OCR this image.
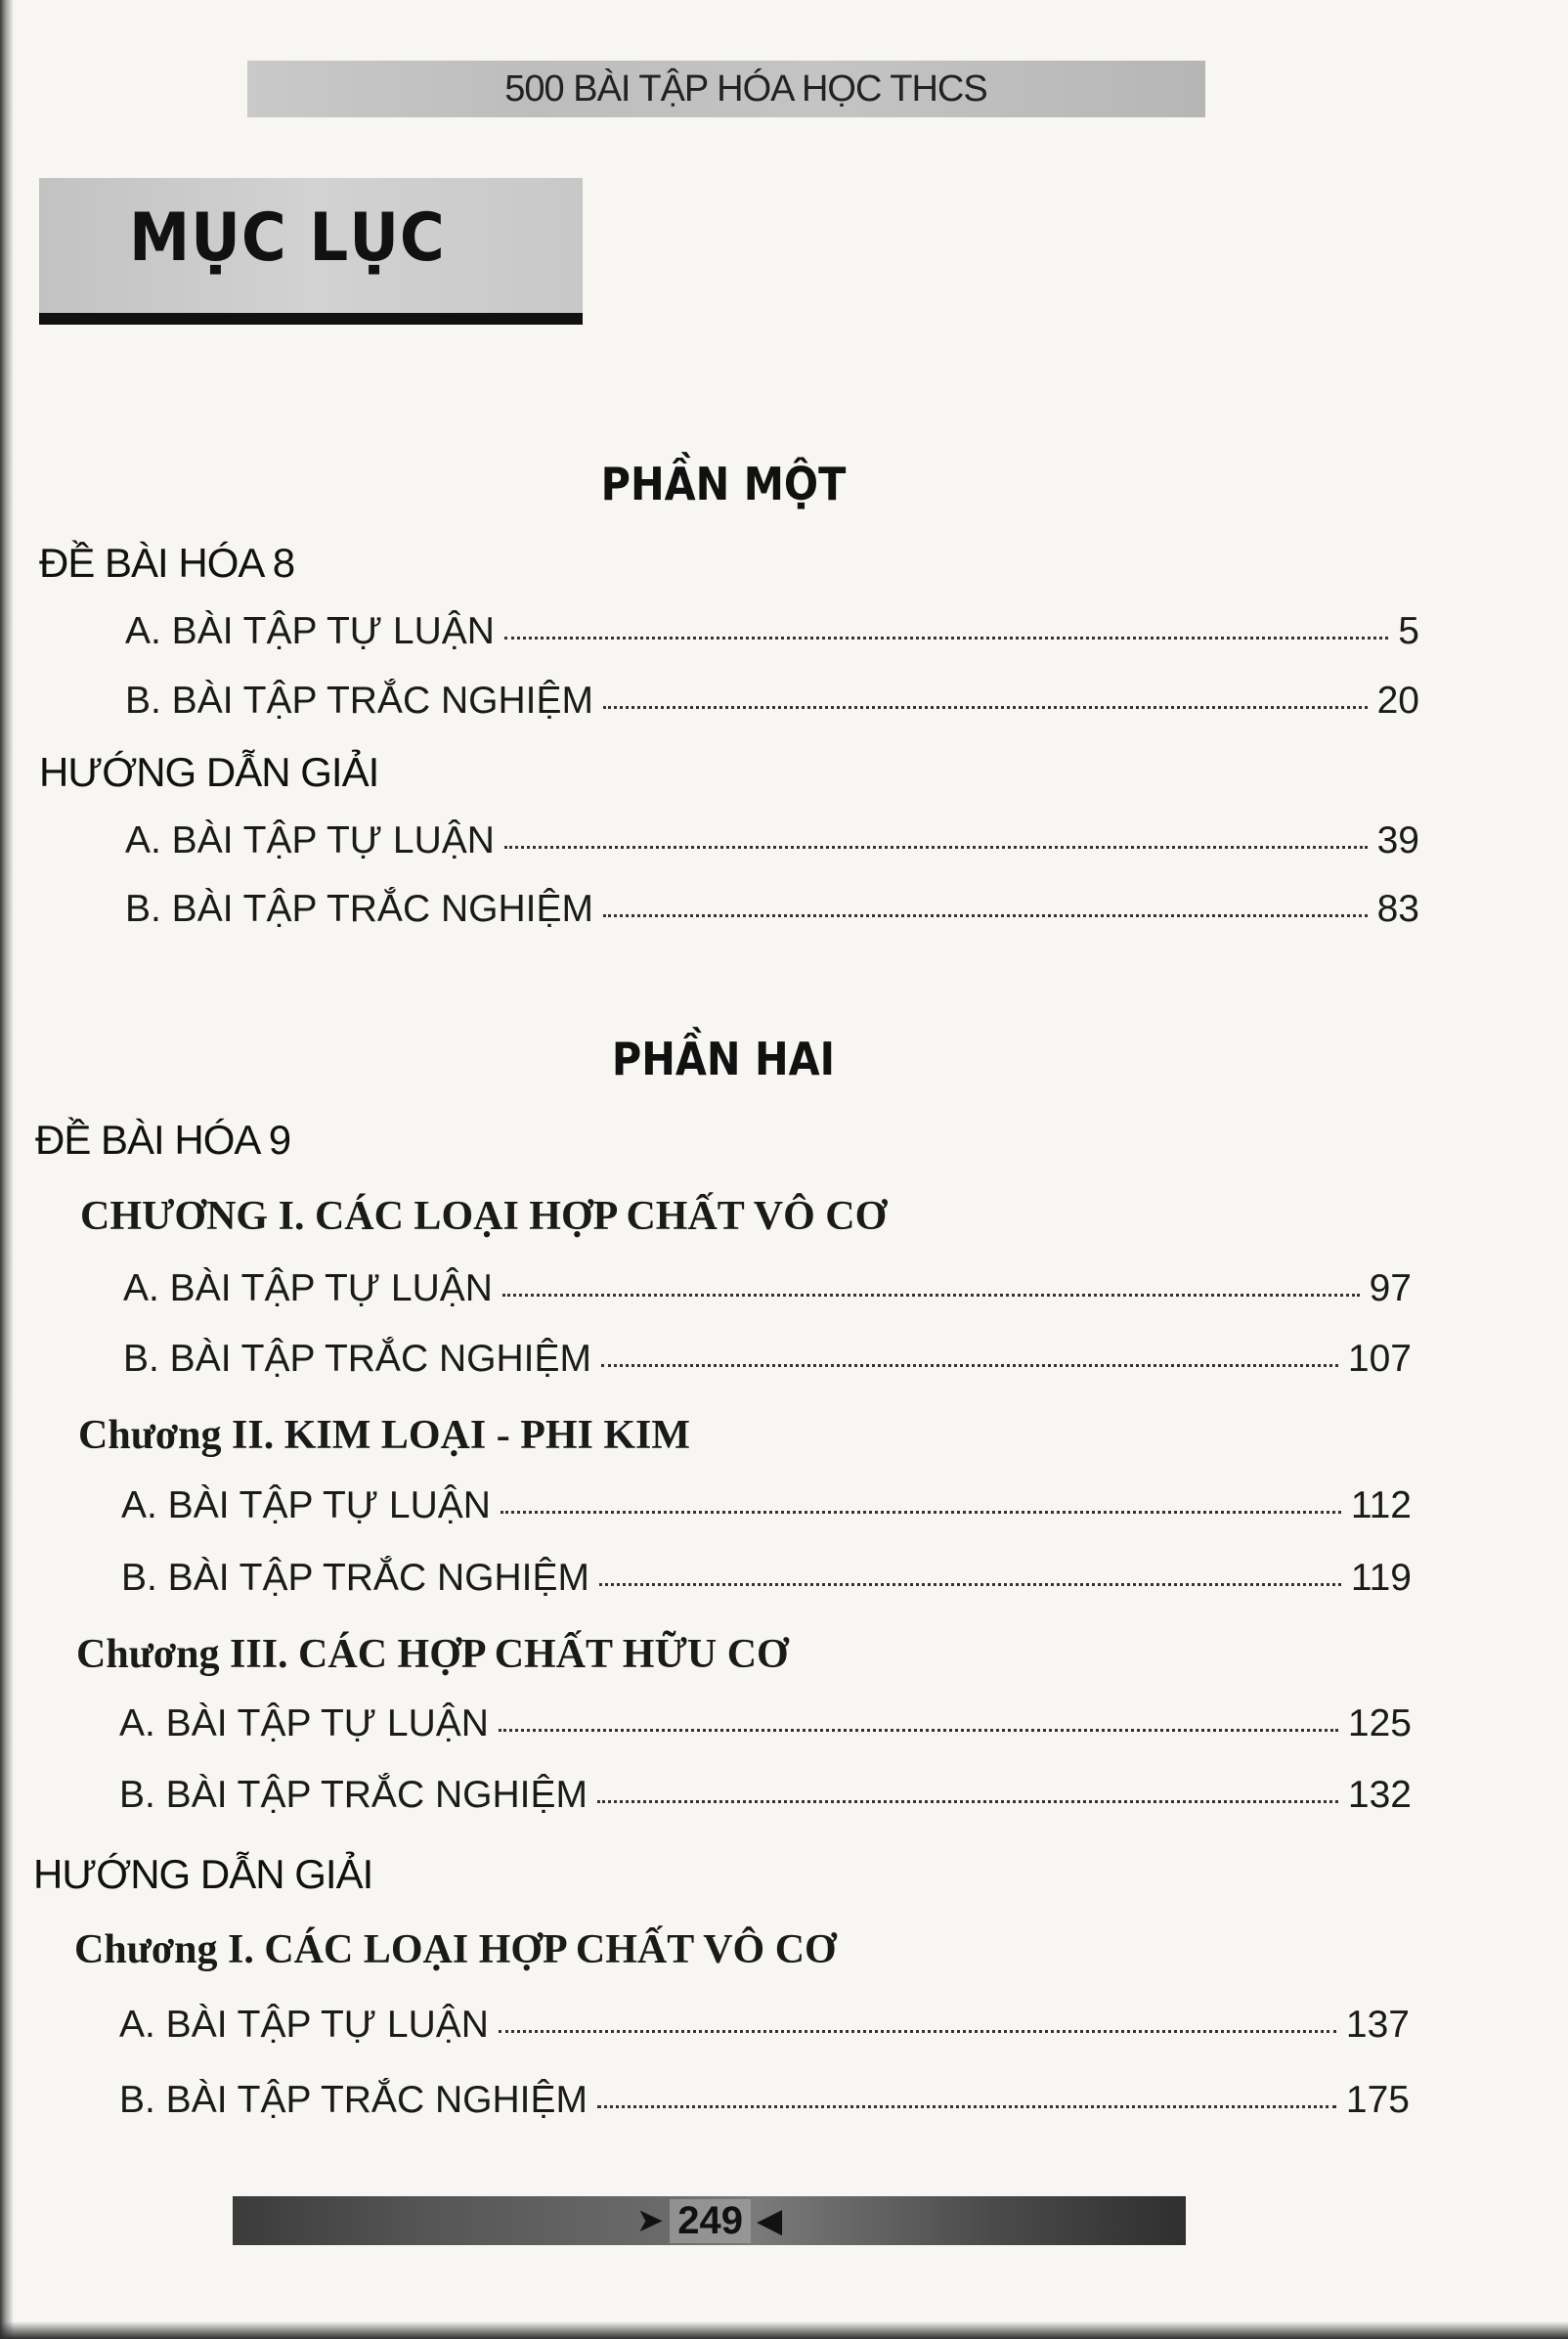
500 BÀI TẬP HÓA HỌC THCS
MỤC LỤC
PHẦN MỘT
ĐỀ BÀI HÓA 8
A. BÀI TẬP TỰ LUẬN	5
B. BÀI TẬP TRẮC NGHIỆM	20
HƯỚNG DẪN GIẢI
A. BÀI TẬP TỰ LUẬN	39
B. BÀI TẬP TRẮC NGHIỆM	83
PHẦN HAI
ĐỀ BÀI HÓA 9
CHƯƠNG I. CÁC LOẠI HỢP CHẤT VÔ CƠ
A. BÀI TẬP TỰ LUẬN	97
B. BÀI TẬP TRẮC NGHIỆM	107
Chương II. KIM LOẠI - PHI KIM
A. BÀI TẬP TỰ LUẬN	112
B. BÀI TẬP TRẮC NGHIỆM	119
Chương III. CÁC HỢP CHẤT HỮU CƠ
A. BÀI TẬP TỰ LUẬN	125
B. BÀI TẬP TRẮC NGHIỆM	132
HƯỚNG DẪN GIẢI
Chương I. CÁC LOẠI HỢP CHẤT VÔ CƠ
A. BÀI TẬP TỰ LUẬN	137
B. BÀI TẬP TRẮC NGHIỆM	175
➤ 249 ◀
